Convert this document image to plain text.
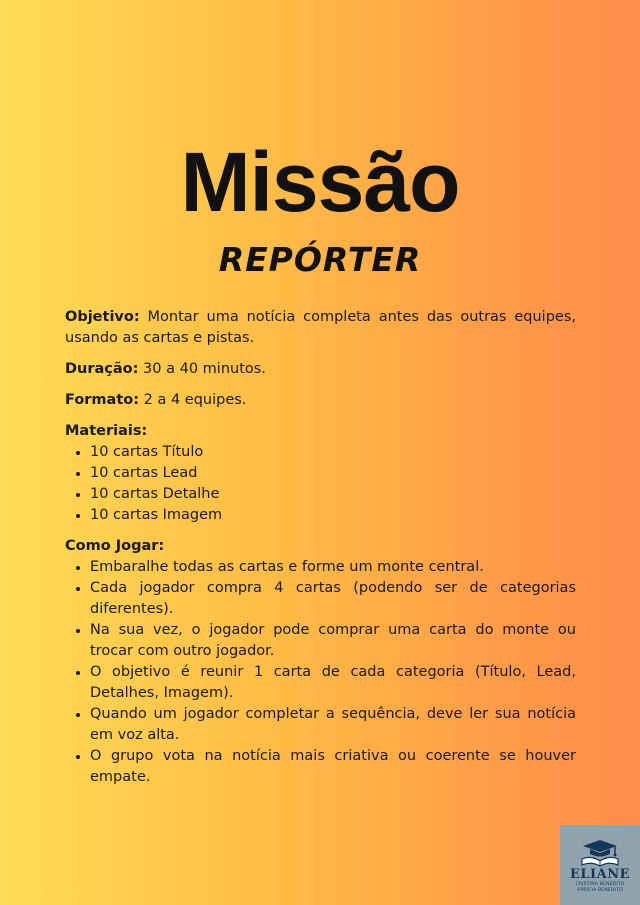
Missão
REPÓRTER

Objetivo: Montar uma notícia completa antes das outras equipes, usando as cartas e pistas.

Duração: 30 a 40 minutos.

Formato: 2 a 4 equipes.

Materiais:

• 10 cartas Título
• 10 cartas Lead
• 10 cartas Detalhe
• 10 cartas Imagem

Como Jogar:

• Embaralhe todas as cartas e forme um monte central.
• Cada jogador compra 4 cartas (podendo ser de categorias diferentes).
• Na sua vez, o jogador pode comprar uma carta do monte ou trocar com outro jogador.
• O objetivo é reunir 1 carta de cada categoria (Título, Lead, Detalhes, Imagem).
• Quando um jogador completar a sequência, deve ler sua notícia em voz alta.
• O grupo vota na notícia mais criativa ou coerente se houver empate.
ELIANE
CRISTINA BENEDITO
APRÍCIA BENEDITO
